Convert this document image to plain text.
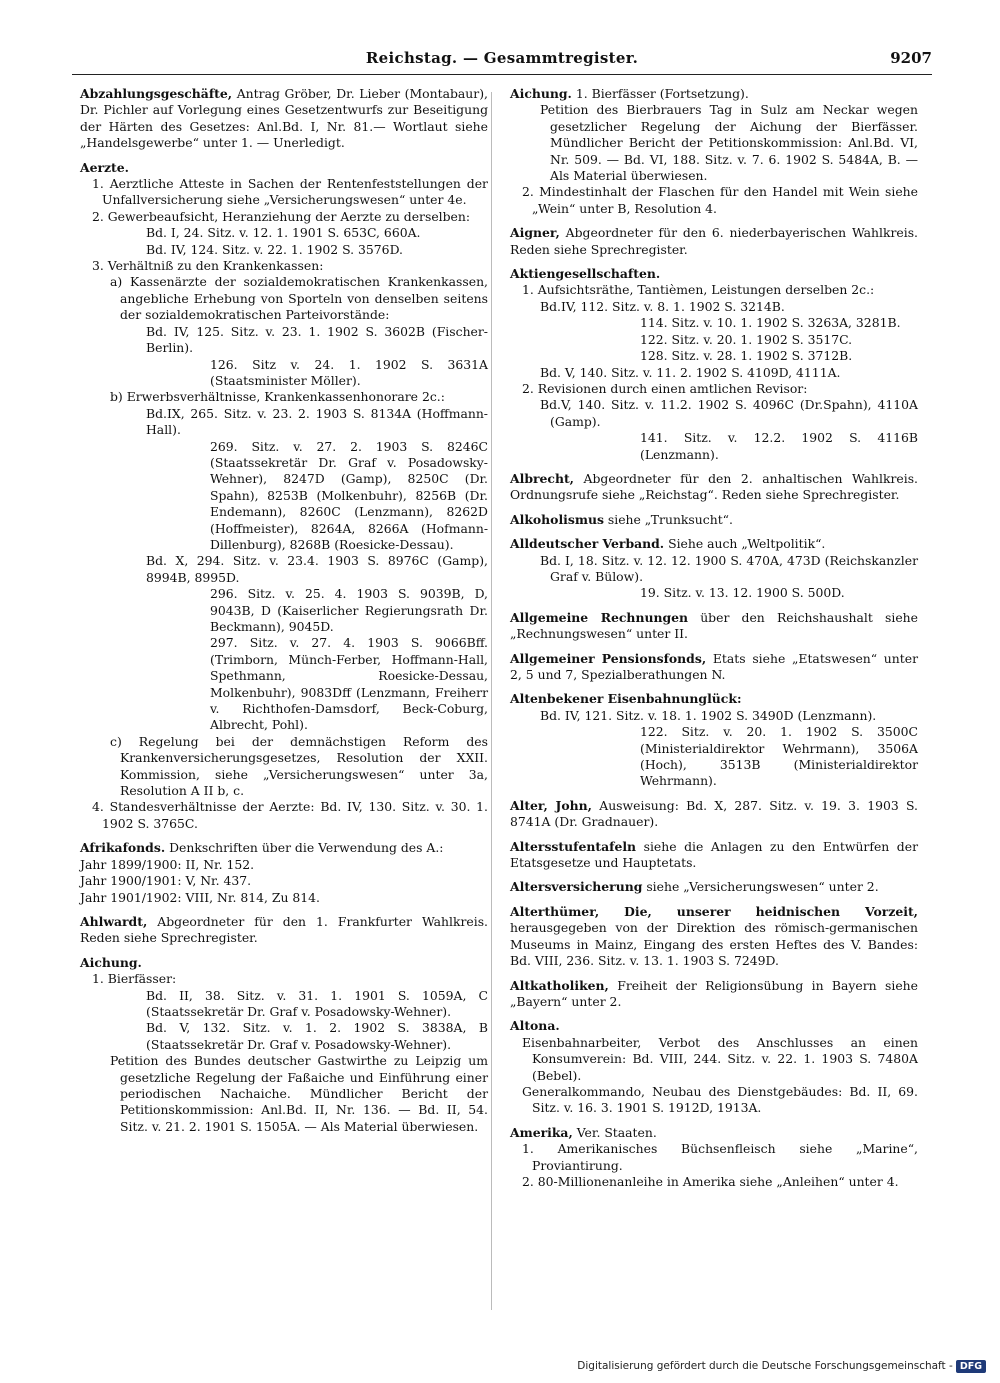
Reichstag. — Gesammtregister.	9207

Abzahlungsgeschäfte, Antrag Gröber, Dr. Lieber (Montabaur), Dr. Pichler auf Vorlegung eines Gesetzentwurfs zur Beseitigung der Härten des Gesetzes: Anl.Bd. I, Nr. 81.— Wortlaut siehe „Handelsgewerbe“ unter 1. — Unerledigt.

Aerzte.

1. Aerztliche Atteste in Sachen der Rentenfeststellungen der Unfallversicherung siehe „Versicherungswesen“ unter 4e.

2. Gewerbeaufsicht, Heranziehung der Aerzte zu derselben:

Bd. I, 24. Sitz. v. 12. 1. 1901 S. 653C, 660A.

Bd. IV, 124. Sitz. v. 22. 1. 1902 S. 3576D.

3. Verhältniß zu den Krankenkassen:

a) Kassenärzte der sozialdemokratischen Krankenkassen, angebliche Erhebung von Sporteln von denselben seitens der sozialdemokratischen Parteivorstände:

Bd. IV, 125. Sitz. v. 23. 1. 1902 S. 3602B (Fischer-Berlin).

126. Sitz v. 24. 1. 1902 S. 3631A (Staatsminister Möller).

b) Erwerbsverhältnisse, Krankenkassenhonorare 2c.:

Bd.IX, 265. Sitz. v. 23. 2. 1903 S. 8134A (Hoffmann-Hall).

269. Sitz. v. 27. 2. 1903 S. 8246C (Staatssekretär Dr. Graf v. Posadowsky-Wehner), 8247D (Gamp), 8250C (Dr. Spahn), 8253B (Molkenbuhr), 8256B (Dr. Endemann), 8260C (Lenzmann), 8262D (Hoffmeister), 8264A, 8266A (Hofmann-Dillenburg), 8268B (Roesicke-Dessau).

Bd. X, 294. Sitz. v. 23.4. 1903 S. 8976C (Gamp), 8994B, 8995D.

296. Sitz. v. 25. 4. 1903 S. 9039B, D, 9043B, D (Kaiserlicher Regierungsrath Dr. Beckmann), 9045D.

297. Sitz. v. 27. 4. 1903 S. 9066Bff. (Trimborn, Münch-Ferber, Hoffmann-Hall, Spethmann, Roesicke-Dessau, Molkenbuhr), 9083Dff (Lenzmann, Freiherr v. Richthofen-Damsdorf, Beck-Coburg, Albrecht, Pohl).

c) Regelung bei der demnächstigen Reform des Krankenversicherungsgesetzes, Resolution der XXII. Kommission, siehe „Versicherungswesen“ unter 3a, Resolution A II b, c.

4. Standesverhältnisse der Aerzte: Bd. IV, 130. Sitz. v. 30. 1. 1902 S. 3765C.

Afrikafonds. Denkschriften über die Verwendung des A.:

Jahr 1899/1900: II, Nr. 152.

Jahr 1900/1901: V, Nr. 437.

Jahr 1901/1902: VIII, Nr. 814, Zu 814.

Ahlwardt, Abgeordneter für den 1. Frankfurter Wahlkreis. Reden siehe Sprechregister.

Aichung.

1. Bierfässer:

Bd. II, 38. Sitz. v. 31. 1. 1901 S. 1059A, C (Staatssekretär Dr. Graf v. Posadowsky-Wehner).

Bd. V, 132. Sitz. v. 1. 2. 1902 S. 3838A, B (Staatssekretär Dr. Graf v. Posadowsky-Wehner).

Petition des Bundes deutscher Gastwirthe zu Leipzig um gesetzliche Regelung der Faßaiche und Einführung einer periodischen Nachaiche. Mündlicher Bericht der Petitionskommission: Anl.Bd. II, Nr. 136. — Bd. II, 54. Sitz. v. 21. 2. 1901 S. 1505A. — Als Material überwiesen.

Aichung. 1. Bierfässer (Fortsetzung).

Petition des Bierbrauers Tag in Sulz am Neckar wegen gesetzlicher Regelung der Aichung der Bierfässer. Mündlicher Bericht der Petitionskommission: Anl.Bd. VI, Nr. 509. — Bd. VI, 188. Sitz. v. 7. 6. 1902 S. 5484A, B. — Als Material überwiesen.

2. Mindestinhalt der Flaschen für den Handel mit Wein siehe „Wein“ unter B, Resolution 4.

Aigner, Abgeordneter für den 6. niederbayerischen Wahlkreis. Reden siehe Sprechregister.

Aktiengesellschaften.

1. Aufsichtsräthe, Tantièmen, Leistungen derselben 2c.:

Bd.IV, 112. Sitz. v. 8. 1. 1902 S. 3214B.

114. Sitz. v. 10. 1. 1902 S. 3263A, 3281B.

122. Sitz. v. 20. 1. 1902 S. 3517C.

128. Sitz. v. 28. 1. 1902 S. 3712B.

Bd. V, 140. Sitz. v. 11. 2. 1902 S. 4109D, 4111A.

2. Revisionen durch einen amtlichen Revisor:

Bd.V, 140. Sitz. v. 11.2. 1902 S. 4096C (Dr.Spahn), 4110A (Gamp).

141. Sitz. v. 12.2. 1902 S. 4116B (Lenzmann).

Albrecht, Abgeordneter für den 2. anhaltischen Wahlkreis. Ordnungsrufe siehe „Reichstag“. Reden siehe Sprechregister.

Alkoholismus siehe „Trunksucht“.

Alldeutscher Verband. Siehe auch „Weltpolitik“.

Bd. I, 18. Sitz. v. 12. 12. 1900 S. 470A, 473D (Reichskanzler Graf v. Bülow).

19. Sitz. v. 13. 12. 1900 S. 500D.

Allgemeine Rechnungen über den Reichshaushalt siehe „Rechnungswesen“ unter II.

Allgemeiner Pensionsfonds, Etats siehe „Etatswesen“ unter 2, 5 und 7, Spezialberathungen N.

Altenbekener Eisenbahnunglück:

Bd. IV, 121. Sitz. v. 18. 1. 1902 S. 3490D (Lenzmann).

122. Sitz. v. 20. 1. 1902 S. 3500C (Ministerialdirektor Wehrmann), 3506A (Hoch), 3513B (Ministerialdirektor Wehrmann).

Alter, John, Ausweisung: Bd. X, 287. Sitz. v. 19. 3. 1903 S. 8741A (Dr. Gradnauer).

Altersstufentafeln siehe die Anlagen zu den Entwürfen der Etatsgesetze und Hauptetats.

Altersversicherung siehe „Versicherungswesen“ unter 2.

Alterthümer, Die, unserer heidnischen Vorzeit, herausgegeben von der Direktion des römisch-germanischen Museums in Mainz, Eingang des ersten Heftes des V. Bandes: Bd. VIII, 236. Sitz. v. 13. 1. 1903 S. 7249D.

Altkatholiken, Freiheit der Religionsübung in Bayern siehe „Bayern“ unter 2.

Altona.

Eisenbahnarbeiter, Verbot des Anschlusses an einen Konsumverein: Bd. VIII, 244. Sitz. v. 22. 1. 1903 S. 7480A (Bebel).

Generalkommando, Neubau des Dienstgebäudes: Bd. II, 69. Sitz. v. 16. 3. 1901 S. 1912D, 1913A.

Amerika, Ver. Staaten.

1. Amerikanisches Büchsenfleisch siehe „Marine“, Proviantirung.

2. 80-Millionenanleihe in Amerika siehe „Anleihen“ unter 4.

Digitalisierung gefördert durch die Deutsche Forschungsgemeinschaft - DFG
